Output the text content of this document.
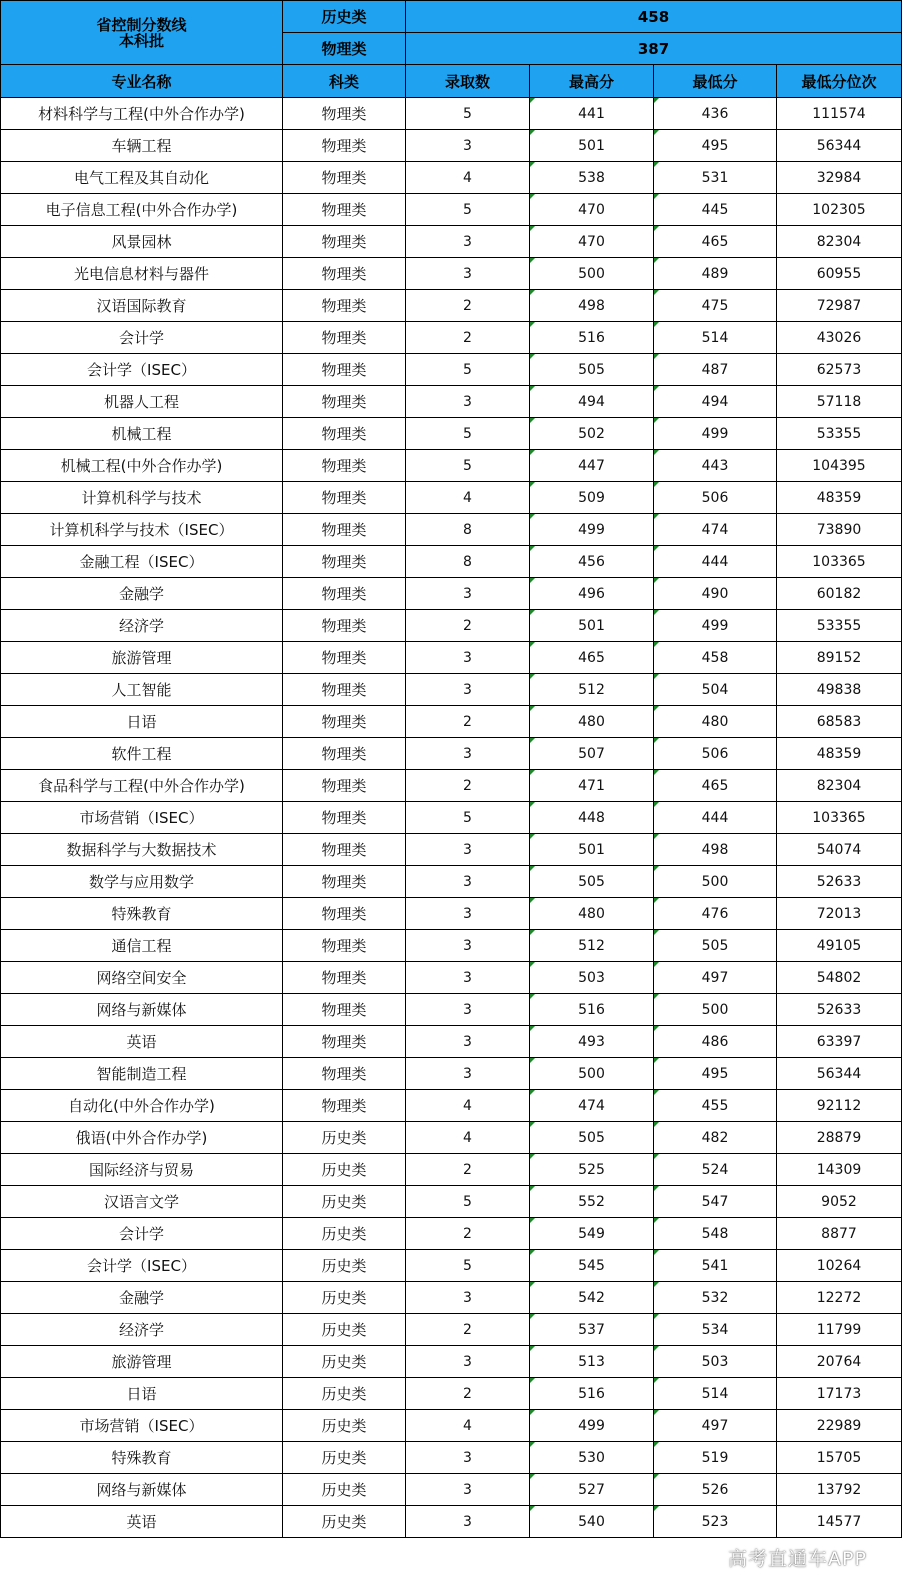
省控制分数线
本科批	历史类	458			
	物理类	387			
专业名称	科类	录取数	最高分	最低分	最低分位次
材料科学与工程(中外合作办学)	物理类	5	441	436	111574
车辆工程	物理类	3	501	495	56344
电气工程及其自动化	物理类	4	538	531	32984
电子信息工程(中外合作办学)	物理类	5	470	445	102305
风景园林	物理类	3	470	465	82304
光电信息材料与器件	物理类	3	500	489	60955
汉语国际教育	物理类	2	498	475	72987
会计学	物理类	2	516	514	43026
会计学（ISEC）	物理类	5	505	487	62573
机器人工程	物理类	3	494	494	57118
机械工程	物理类	5	502	499	53355
机械工程(中外合作办学)	物理类	5	447	443	104395
计算机科学与技术	物理类	4	509	506	48359
计算机科学与技术（ISEC）	物理类	8	499	474	73890
金融工程（ISEC）	物理类	8	456	444	103365
金融学	物理类	3	496	490	60182
经济学	物理类	2	501	499	53355
旅游管理	物理类	3	465	458	89152
人工智能	物理类	3	512	504	49838
日语	物理类	2	480	480	68583
软件工程	物理类	3	507	506	48359
食品科学与工程(中外合作办学)	物理类	2	471	465	82304
市场营销（ISEC）	物理类	5	448	444	103365
数据科学与大数据技术	物理类	3	501	498	54074
数学与应用数学	物理类	3	505	500	52633
特殊教育	物理类	3	480	476	72013
通信工程	物理类	3	512	505	49105
网络空间安全	物理类	3	503	497	54802
网络与新媒体	物理类	3	516	500	52633
英语	物理类	3	493	486	63397
智能制造工程	物理类	3	500	495	56344
自动化(中外合作办学)	物理类	4	474	455	92112
俄语(中外合作办学)	历史类	4	505	482	28879
国际经济与贸易	历史类	2	525	524	14309
汉语言文学	历史类	5	552	547	9052
会计学	历史类	2	549	548	8877
会计学（ISEC）	历史类	5	545	541	10264
金融学	历史类	3	542	532	12272
经济学	历史类	2	537	534	11799
旅游管理	历史类	3	513	503	20764
日语	历史类	2	516	514	17173
市场营销（ISEC）	历史类	4	499	497	22989
特殊教育	历史类	3	530	519	15705
网络与新媒体	历史类	3	527	526	13792
英语	历史类	3	540	523	14577
高考直通车APP
